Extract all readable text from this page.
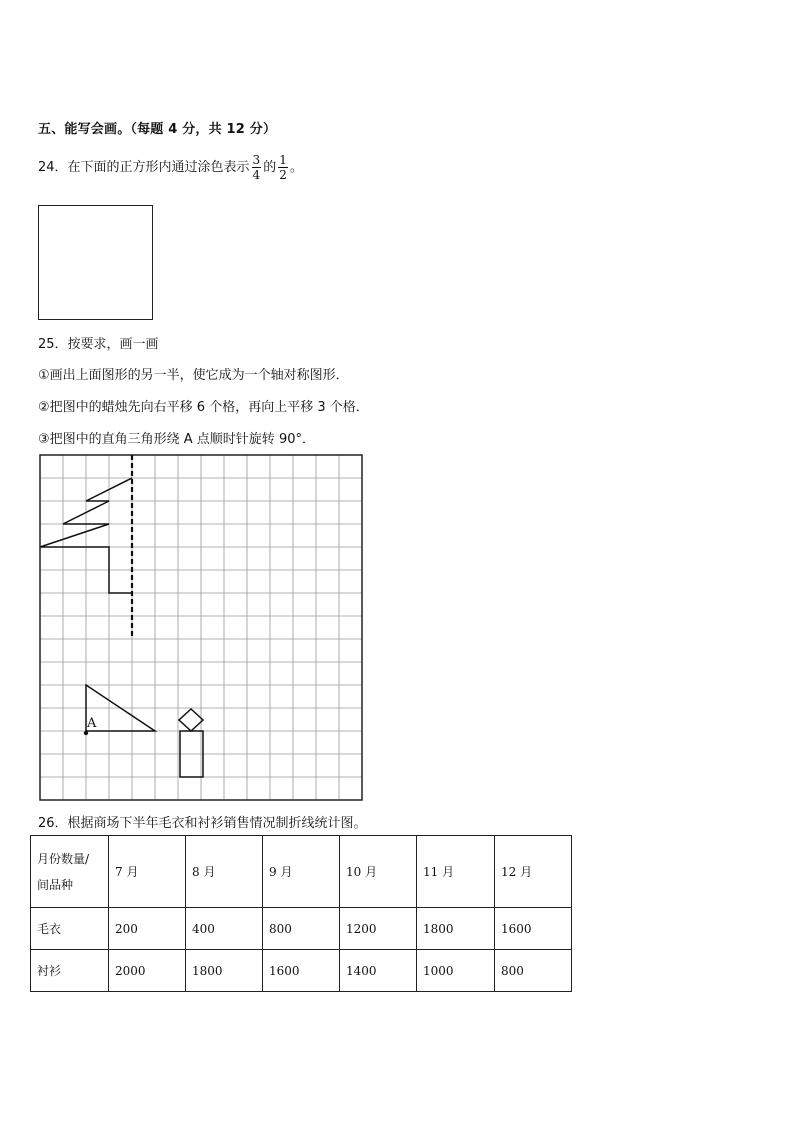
五、能写会画。（每题 4 分，共 12 分）
24．在下面的正方形内通过涂色表示 $\frac{3}{4}$ 的 $\frac{1}{2}$ 。
25．按要求，画一画
①画出上面图形的另一半，使它成为一个轴对称图形．
②把图中的蜡烛先向右平移 6 个格，再向上平移 3 个格．
③把图中的直角三角形绕 A 点顺时针旋转 90°．
A
26．根据商场下半年毛衣和衬衫销售情况制折线统计图。
月份数量/
间品种	7 月	8 月	9 月	10 月	11 月	12 月
毛衣	200	400	800	1200	1800	1600
衬衫	2000	1800	1600	1400	1000	800
